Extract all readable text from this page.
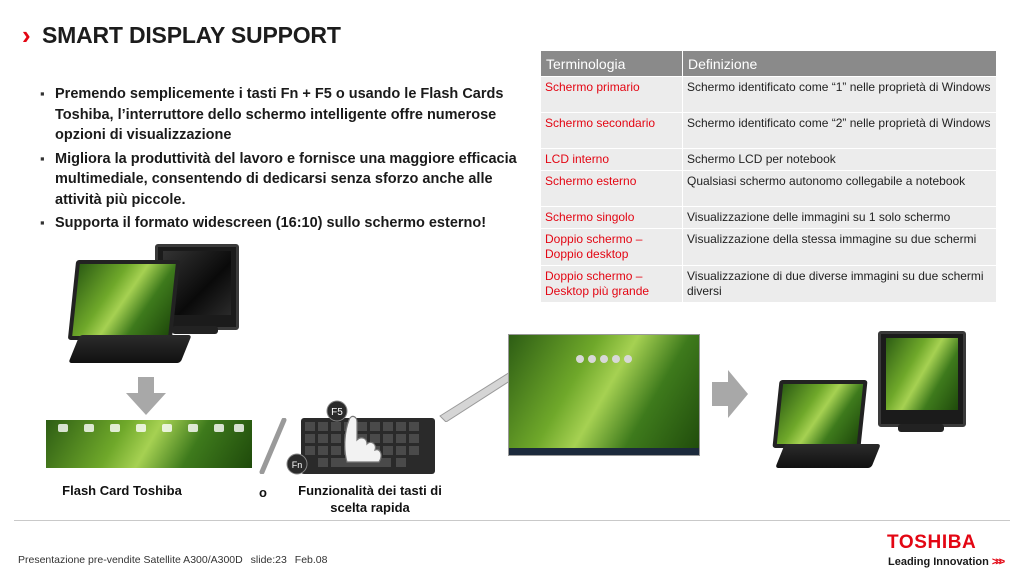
› SMART DISPLAY SUPPORT
▪ Premendo semplicemente i tasti Fn + F5 o usando le Flash Cards Toshiba, l’interruttore dello schermo intelligente offre numerose opzioni di visualizzazione
▪ Migliora la produttività del lavoro e fornisce una maggiore efficacia multimediale, consentendo di dedicarsi senza sforzo anche alle attività più piccole.
▪ Supporta il formato widescreen (16:10) sullo schermo esterno!
Terminologia	Definizione
Schermo primario	Schermo identificato come “1” nelle proprietà di Windows
Schermo secondario	Schermo identificato come “2” nelle proprietà di Windows
LCD interno	Schermo LCD per notebook
Schermo esterno	Qualsiasi schermo autonomo collegabile a notebook
Schermo singolo	Visualizzazione delle immagini su 1 solo schermo
Doppio schermo – Doppio desktop	Visualizzazione della stessa immagine su due schermi
Doppio schermo – Desktop più grande	Visualizzazione di due diverse immagini su due schermi diversi
F5
Fn
Flash Card Toshiba	o	Funzionalità dei tasti di scelta rapida
Presentazione pre-vendite Satellite A300/A300D slide:23 Feb.08
TOSHIBA
Leading Innovation >>>
